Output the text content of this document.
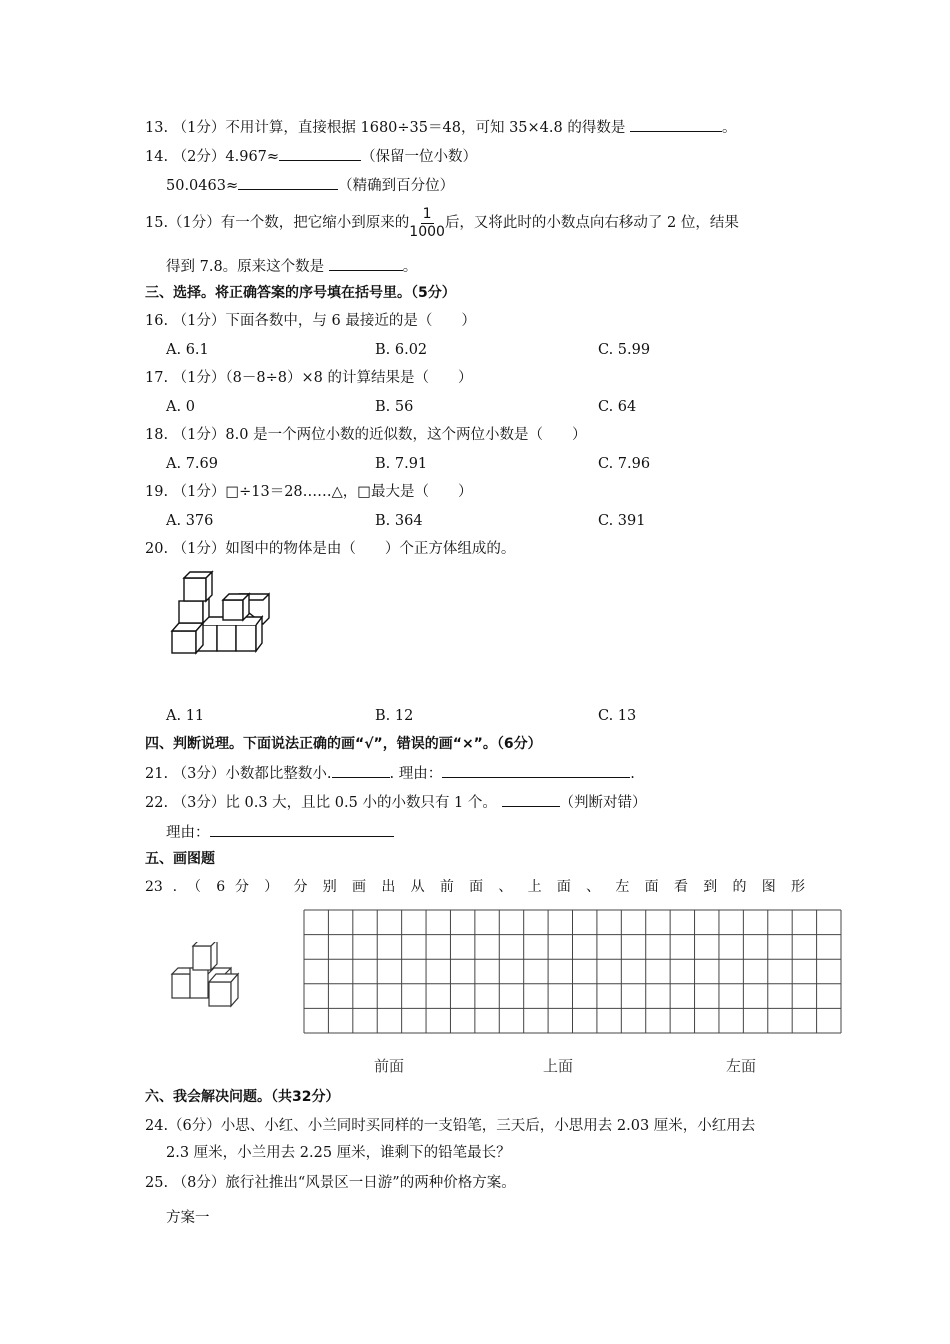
13. （1分）不用计算，直接根据 1680÷35＝48，可知 35×4.8 的得数是	。
14. （2分）4.967≈	（保留一位小数）
50.0463≈	（精确到百分位）
15.（1分）有一个数，把它缩小到原来的 $\frac{1}{1000}$ 后，又将此时的小数点向右移动了 2 位，结果
得到 7.8。原来这个数是	。
三、选择。将正确答案的序号填在括号里。（5分）
16. （1分）下面各数中，与 6 最接近的是（　　）
A. 6.1	B. 6.02	C. 5.99
17. （1分）（8－8÷8）×8 的计算结果是（　　）
A. 0	B. 56	C. 64
18. （1分）8.0 是一个两位小数的近似数，这个两位小数是（　　）
A. 7.69	B. 7.91	C. 7.96
19. （1分）□÷13＝28……△，□最大是（　　）
A. 376	B. 364	C. 391
20. （1分）如图中的物体是由（　　）个正方体组成的。
A. 11	B. 12	C. 13
四、判断说理。下面说法正确的画“√”，错误的画“×”。（6分）
21. （3分）小数都比整数小.	. 理由：	.
22. （3分）比 0.3 大，且比 0.5 小的小数只有 1 个。	（判断对错）
理由：
五、画图题
23 . （ 6 分 ） 分 别 画 出 从 前 面 、 上 面 、 左 面 看 到 的 图 形
前面	上面	左面
六、我会解决问题。（共32分）
24.（6分）小思、小红、小兰同时买同样的一支铅笔，三天后，小思用去 2.03 厘米，小红用去
2.3 厘米，小兰用去 2.25 厘米，谁剩下的铅笔最长？
25. （8分）旅行社推出“风景区一日游”的两种价格方案。
方案一
